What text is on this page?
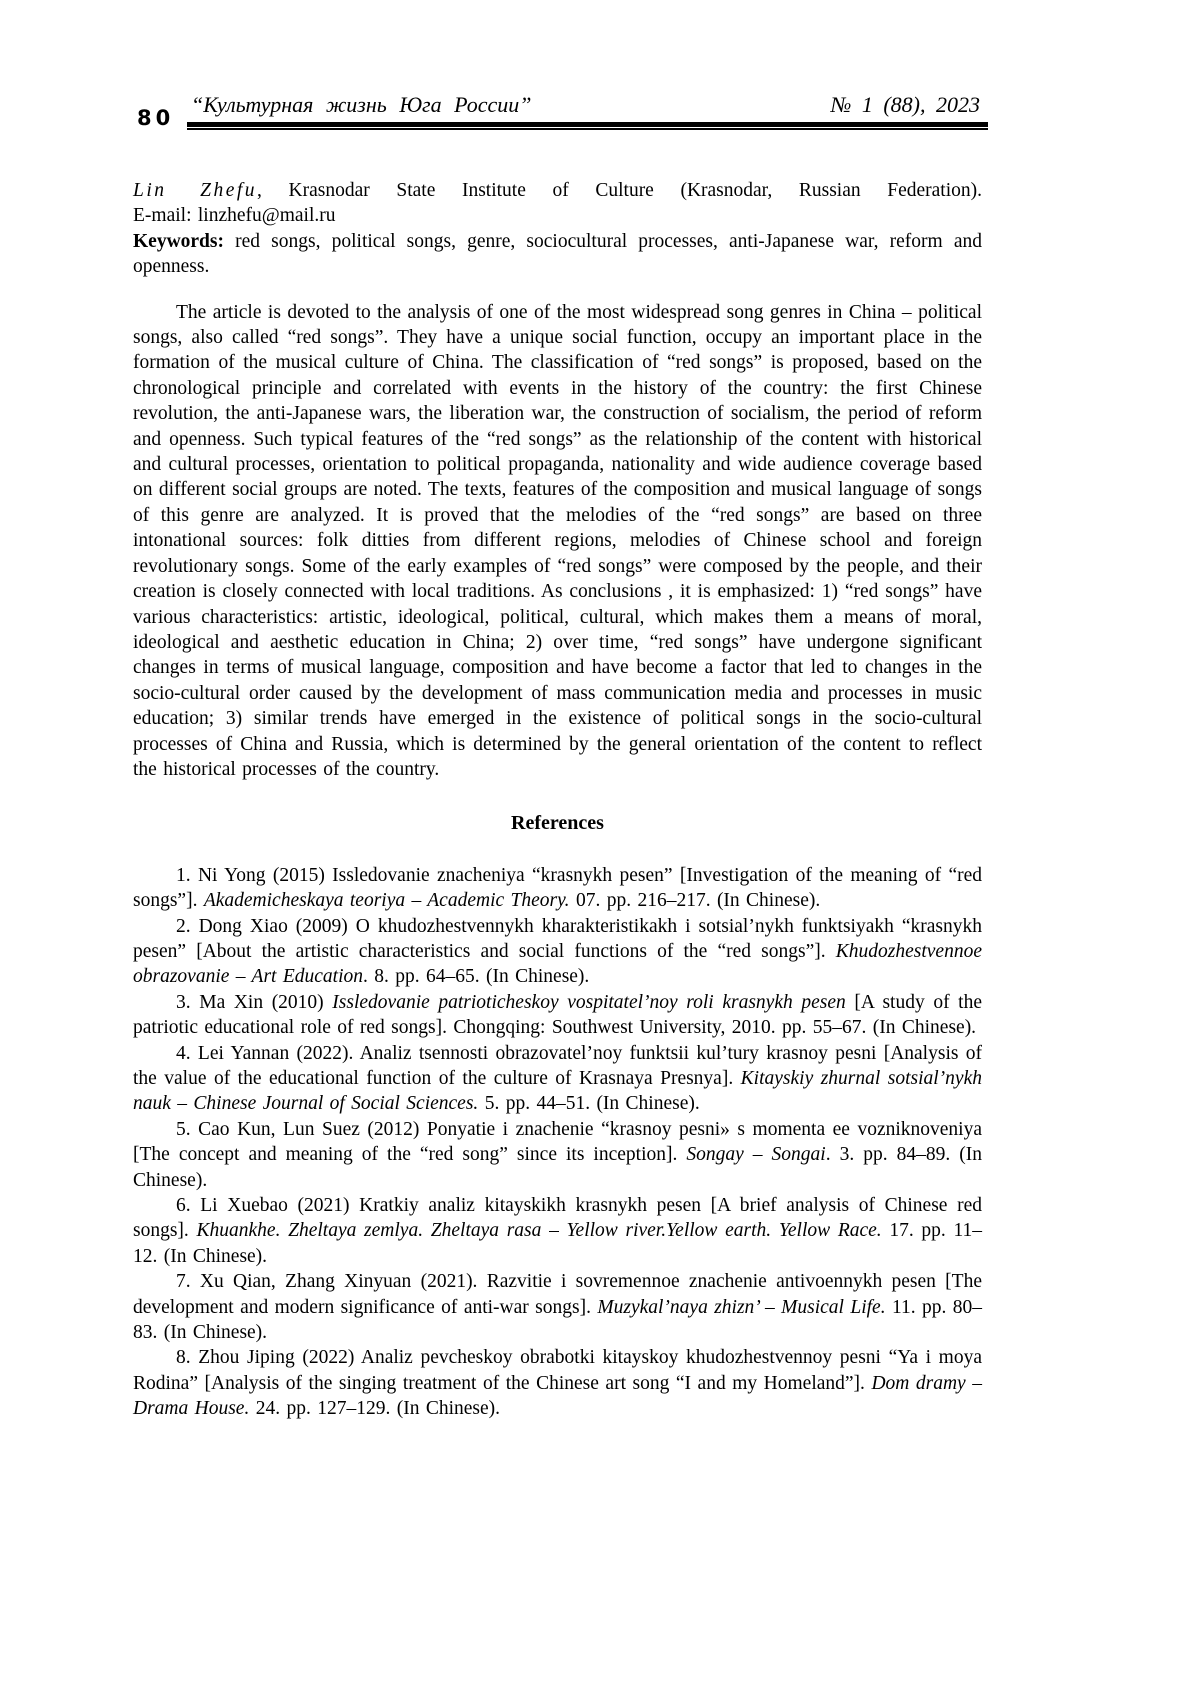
80
“Культурная жизнь Юга России”	№ 1 (88), 2023

Lin Zhefu, Krasnodar State Institute of Culture (Krasnodar, Russian Federation).

E-mail: linzhefu@mail.ru

Keywords: red songs, political songs, genre, sociocultural processes, anti-Japanese war, reform and openness.

The article is devoted to the analysis of one of the most widespread song genres in China – political songs, also called “red songs”. They have a unique social function, occupy an important place in the formation of the musical culture of China. The classification of “red songs” is proposed, based on the chronological principle and correlated with events in the history of the country: the first Chinese revolution, the anti-Japanese wars, the liberation war, the construction of socialism, the period of reform and openness. Such typical features of the “red songs” as the relationship of the content with historical and cultural processes, orientation to political propaganda, nationality and wide audience coverage based on different social groups are noted. The texts, features of the composition and musical language of songs of this genre are analyzed. It is proved that the melodies of the “red songs” are based on three intonational sources: folk ditties from different regions, melodies of Chinese school and foreign revolutionary songs. Some of the early examples of “red songs” were composed by the people, and their creation is closely connected with local traditions. As conclusions , it is emphasized: 1) “red songs” have various characteristics: artistic, ideological, political, cultural, which makes them a means of moral, ideological and aesthetic education in China; 2) over time, “red songs” have undergone significant changes in terms of musical language, composition and have become a factor that led to changes in the socio-cultural order caused by the development of mass communication media and processes in music education; 3) similar trends have emerged in the existence of political songs in the socio-cultural processes of China and Russia, which is determined by the general orientation of the content to reflect the historical processes of the country.

References

1. Ni Yong (2015) Issledovanie znacheniya “krasnykh pesen” [Investigation of the meaning of “red songs”]. Akademicheskaya teoriya – Academic Theory. 07. pp. 216–217. (In Chinese).

2. Dong Xiao (2009) O khudozhestvennykh kharakteristikakh i sotsial’nykh funktsiyakh “krasnykh pesen” [About the artistic characteristics and social functions of the “red songs”]. Khudozhestvennoe obrazovanie – Art Education. 8. pp. 64–65. (In Chinese).

3. Ma Xin (2010) Issledovanie patrioticheskoy vospitatel’noy roli krasnykh pesen [A study of the patriotic educational role of red songs]. Chongqing: Southwest University, 2010. pp. 55–67. (In Chinese).

4. Lei Yannan (2022). Analiz tsennosti obrazovatel’noy funktsii kul’tury krasnoy pesni [Analysis of the value of the educational function of the culture of Krasnaya Presnya]. Kitayskiy zhurnal sotsial’nykh nauk – Chinese Journal of Social Sciences. 5. pp. 44–51. (In Chinese).

5. Cao Kun, Lun Suez (2012) Ponyatie i znachenie “krasnoy pesni» s momenta ee vozniknoveniya [The concept and meaning of the “red song” since its inception]. Songay – Songai. 3. pp. 84–89. (In Chinese).

6. Li Xuebao (2021) Kratkiy analiz kitayskikh krasnykh pesen [A brief analysis of Chinese red songs]. Khuankhe. Zheltaya zemlya. Zheltaya rasa – Yellow river.Yellow earth. Yellow Race. 17. pp. 11–12. (In Chinese).

7. Xu Qian, Zhang Xinyuan (2021). Razvitie i sovremennoe znachenie antivoennykh pesen [The development and modern significance of anti-war songs]. Muzykal’naya zhizn’ – Musical Life. 11. pp. 80–83. (In Chinese).

8. Zhou Jiping (2022) Analiz pevcheskoy obrabotki kitayskoy khudozhestvennoy pesni “Ya i moya Rodina” [Analysis of the singing treatment of the Chinese art song “I and my Homeland”]. Dom dramy – Drama House. 24. pp. 127–129. (In Chinese).
